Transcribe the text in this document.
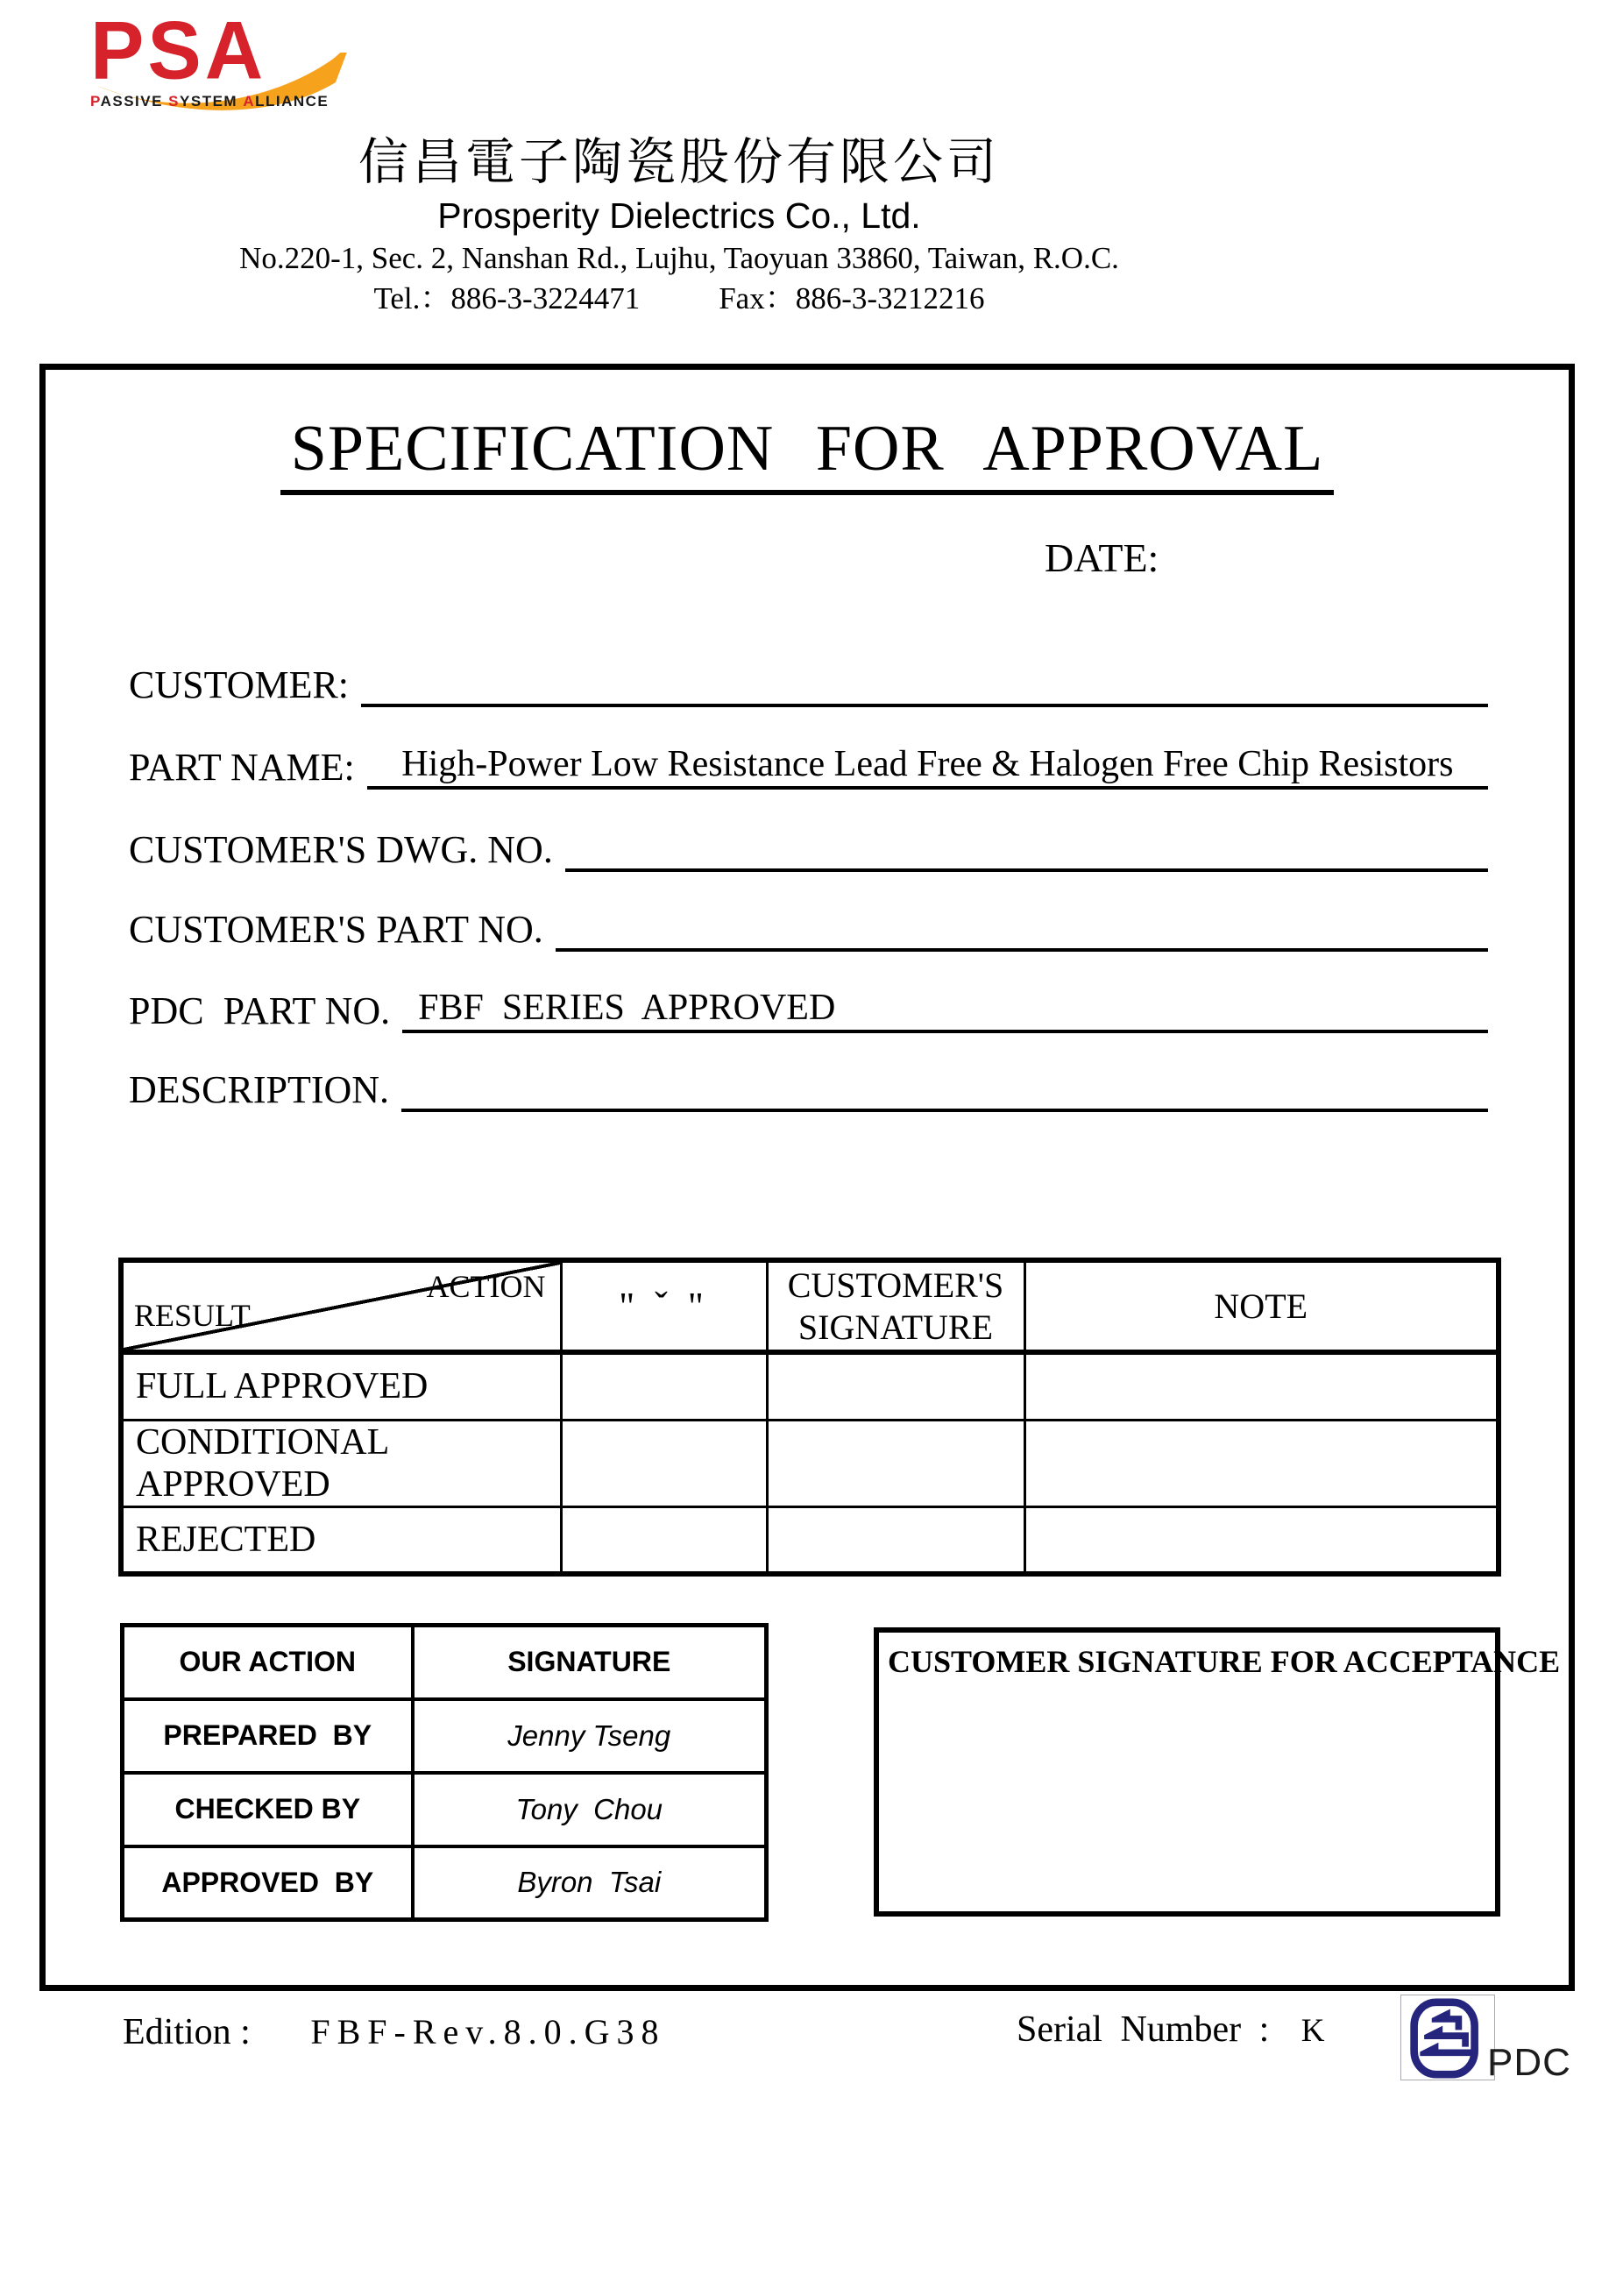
PSA
PASSIVE SYSTEM ALLIANCE
信昌電子陶瓷股份有限公司
Prosperity Dielectrics Co., Ltd.
No.220-1, Sec. 2, Nanshan Rd., Lujhu, Taoyuan 33860, Taiwan, R.O.C.
Tel.：886-3-3224471	Fax：886-3-3212216
SPECIFICATION FOR APPROVAL
DATE:
CUSTOMER:
PART NAME:	High-Power Low Resistance Lead Free & Halogen Free Chip Resistors
CUSTOMER'S DWG. NO.
CUSTOMER'S PART NO.
PDC  PART NO. FBF  SERIES  APPROVED
DESCRIPTION.
ACTION
RESULT	" ˇ "	CUSTOMER'S SIGNATURE	NOTE
FULL APPROVED			
CONDITIONAL APPROVED			
REJECTED			
OUR ACTION	SIGNATURE
PREPARED  BY	Jenny Tseng
CHECKED BY	Tony  Chou
APPROVED  BY	Byron  Tsai
CUSTOMER SIGNATURE FOR ACCEPTANCE
Edition : FBF-Rev.8.0.G38	Serial Number : K
PDC
